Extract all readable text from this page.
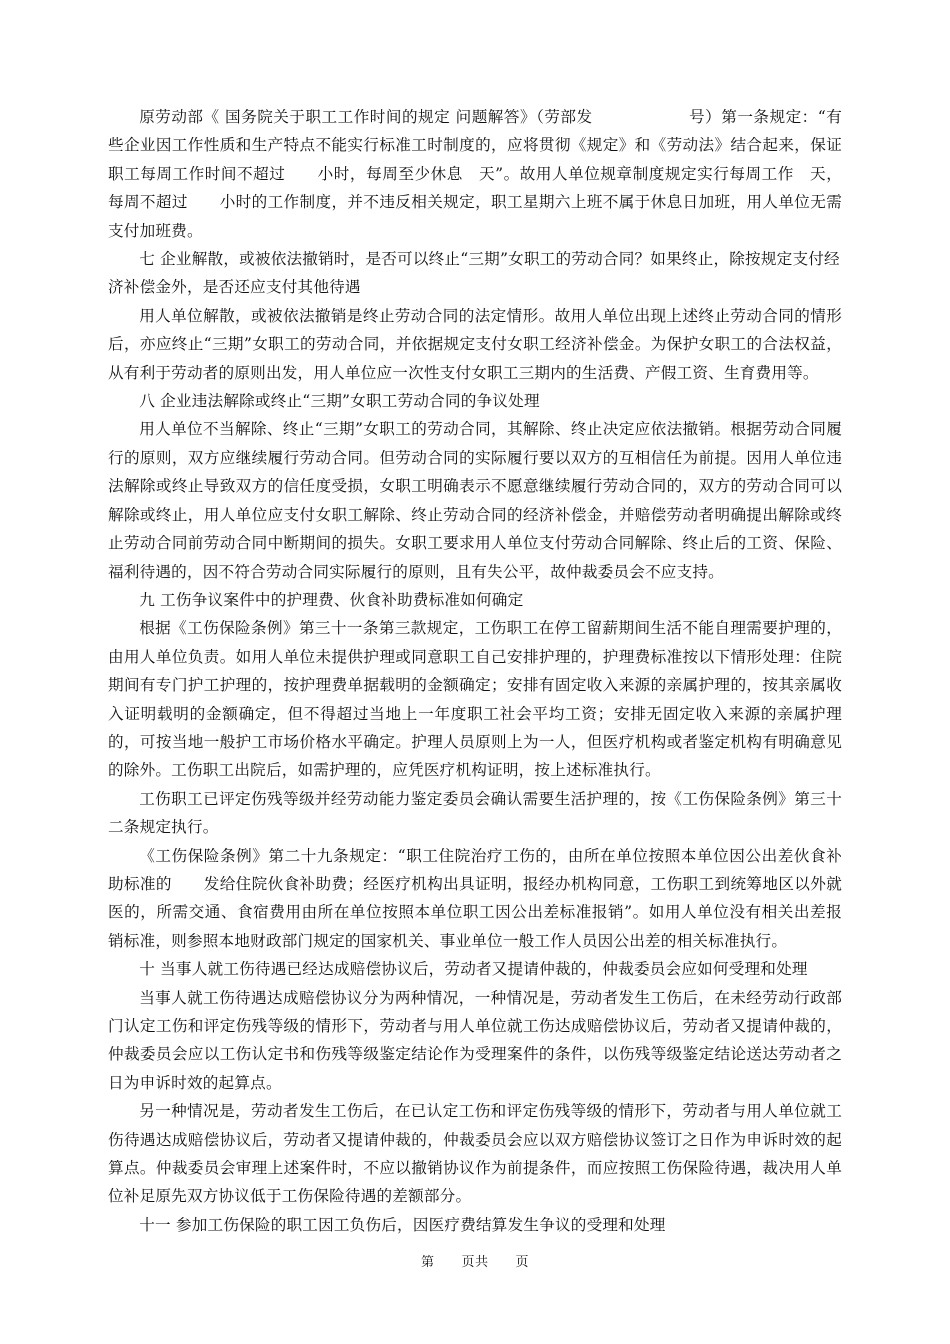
原劳动部《 国务院关于职工工作时间的规定 问题解答》（劳部发　　　　　　号）第一条规定：“有些企业因工作性质和生产特点不能实行标准工时制度的，应将贯彻《规定》和《劳动法》结合起来，保证职工每周工作时间不超过　　小时，每周至少休息　天”。故用人单位规章制度规定实行每周工作　天，每周不超过　　小时的工作制度，并不违反相关规定，职工星期六上班不属于休息日加班，用人单位无需支付加班费。

七 企业解散，或被依法撤销时，是否可以终止“三期”女职工的劳动合同？如果终止，除按规定支付经济补偿金外，是否还应支付其他待遇

用人单位解散，或被依法撤销是终止劳动合同的法定情形。故用人单位出现上述终止劳动合同的情形后，亦应终止“三期”女职工的劳动合同，并依据规定支付女职工经济补偿金。为保护女职工的合法权益，从有利于劳动者的原则出发，用人单位应一次性支付女职工三期内的生活费、产假工资、生育费用等。

八 企业违法解除或终止“三期”女职工劳动合同的争议处理

用人单位不当解除、终止“三期”女职工的劳动合同，其解除、终止决定应依法撤销。根据劳动合同履行的原则，双方应继续履行劳动合同。但劳动合同的实际履行要以双方的互相信任为前提。因用人单位违法解除或终止导致双方的信任度受损，女职工明确表示不愿意继续履行劳动合同的，双方的劳动合同可以解除或终止，用人单位应支付女职工解除、终止劳动合同的经济补偿金，并赔偿劳动者明确提出解除或终止劳动合同前劳动合同中断期间的损失。女职工要求用人单位支付劳动合同解除、终止后的工资、保险、福利待遇的，因不符合劳动合同实际履行的原则，且有失公平，故仲裁委员会不应支持。

九 工伤争议案件中的护理费、伙食补助费标准如何确定

根据《工伤保险条例》第三十一条第三款规定，工伤职工在停工留薪期间生活不能自理需要护理的，由用人单位负责。如用人单位未提供护理或同意职工自己安排护理的，护理费标准按以下情形处理：住院期间有专门护工护理的，按护理费单据载明的金额确定；安排有固定收入来源的亲属护理的，按其亲属收入证明载明的金额确定，但不得超过当地上一年度职工社会平均工资；安排无固定收入来源的亲属护理的，可按当地一般护工市场价格水平确定。护理人员原则上为一人，但医疗机构或者鉴定机构有明确意见的除外。工伤职工出院后，如需护理的，应凭医疗机构证明，按上述标准执行。

工伤职工已评定伤残等级并经劳动能力鉴定委员会确认需要生活护理的，按《工伤保险条例》第三十二条规定执行。

《工伤保险条例》第二十九条规定：“职工住院治疗工伤的，由所在单位按照本单位因公出差伙食补助标准的　　发给住院伙食补助费；经医疗机构出具证明，报经办机构同意，工伤职工到统筹地区以外就医的，所需交通、食宿费用由所在单位按照本单位职工因公出差标准报销”。如用人单位没有相关出差报销标准，则参照本地财政部门规定的国家机关、事业单位一般工作人员因公出差的相关标准执行。

十 当事人就工伤待遇已经达成赔偿协议后，劳动者又提请仲裁的，仲裁委员会应如何受理和处理

当事人就工伤待遇达成赔偿协议分为两种情况，一种情况是，劳动者发生工伤后，在未经劳动行政部门认定工伤和评定伤残等级的情形下，劳动者与用人单位就工伤达成赔偿协议后，劳动者又提请仲裁的，仲裁委员会应以工伤认定书和伤残等级鉴定结论作为受理案件的条件，以伤残等级鉴定结论送达劳动者之日为申诉时效的起算点。

另一种情况是，劳动者发生工伤后，在已认定工伤和评定伤残等级的情形下，劳动者与用人单位就工伤待遇达成赔偿协议后，劳动者又提请仲裁的，仲裁委员会应以双方赔偿协议签订之日作为申诉时效的起算点。仲裁委员会审理上述案件时，不应以撤销协议作为前提条件，而应按照工伤保险待遇，裁决用人单位补足原先双方协议低于工伤保险待遇的差额部分。

十一 参加工伤保险的职工因工负伤后，因医疗费结算发生争议的受理和处理

第　　页共　　页
